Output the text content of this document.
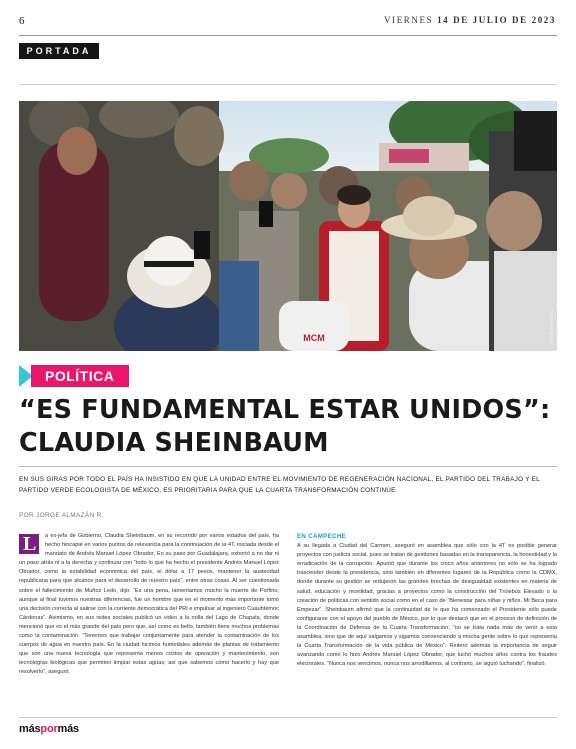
6	VIERNES 14 DE JULIO DE 2023
PORTADA
MCM	FOTO: ESPECIAL
POLÍTICA
“ES FUNDAMENTAL ESTAR UNIDOS”:
CLAUDIA SHEINBAUM

EN SUS GIRAS POR TODO EL PAÍS HA INSISTIDO EN QUE LA UNIDAD ENTRE EL MOVIMIENTO DE REGENERACIÓN NACIONAL, EL PARTIDO DEL TRABAJO Y EL PARTIDO VERDE ECOLOGISTA DE MÉXICO, ES PRIORITARIA PARA QUE LA CUARTA TRANSFORMACIÓN CONTINÚE

POR JORGE ALMAZÁN R.
L a ex-jefa de Gobierno, Claudia Sheinbaum, en su recorrido por varios estados del país, ha hecho hincapié en varios puntos de relevancia para la continuación de la 4T, iniciada desde el mandato de Andrés Manuel López Obrador. En su paso por Guadalajara, exhortó a no dar ni un paso atrás ni a la derecha y continuar con “todo lo que ha hecho el presidente Andrés Manuel López Obrador, como la estabilidad económica del país, el dólar a 17 pesos, mantener la austeridad republicana para que alcance para el desarrollo de nuestro país”, entre otras cosas. Al ser cuestionada sobre el fallecimiento de Muñoz Ledo, dijo: “Es una pena, lamentamos mucho la muerte de Porfirio, aunque al final tuvimos nuestras diferencias, fue un hombre que en el momento más importante tomó una decisión correcta al salirse con la corriente democrática del PRI e impulsar al ingeniero Cuauhtémoc Cárdenas”. Asimismo, en sus redes sociales publicó un video a la orilla del Lago de Chapala, donde mencionó que es el más grande del país pero que, así como es bello, también tiene muchos problemas como la contaminación. “Tenemos que trabajar conjuntamente para atender la contaminación de los cuerpos de agua en nuestro país. En la ciudad hicimos humedales además de plantas de tratamiento que son una nueva tecnología que representa menos costos de operación y mantenimiento, son tecnologías biológicas que permiten limpiar estas aguas; así que sabemos cómo hacerlo y hay que resolverlo”, aseguró.
EN CAMPECHE
A su llegada a Ciudad del Carmen, aseguró en asamblea que sólo con la 4T es posible generar proyectos con justicia social, pues se tratan de gestiones basadas en la transparencia, la honestidad y la erradicación de la corrupción. Apuntó que durante los cinco años anteriores no sólo se ha logrado trascender desde la presidencia, sino también en diferentes lugares de la República como la CDMX, donde durante su gestión se redujeron las grandes brechas de desigualdad existentes en materia de salud, educación y movilidad, gracias a proyectos como la construcción del Trolebús Elevado o la creación de políticas con sentido social como en el caso de “Bienestar para niñas y niños. Mi Beca para Empezar”. Sheinbaum afirmó que la continuidad de lo que ha comenzado el Presidente sólo puede configurarse con el apoyo del pueblo de México, por lo que destacó que en el proceso de definición de la Coordinación de Defensa de la Cuarta Transformación, “no se trata nada más de venir a esta asamblea, sino que de aquí salgamos y sigamos convenciendo a mucha gente sobre lo que representa la Cuarta Transformación de la vida pública de México”. Reiteró además la importancia de seguir avanzando como lo hizo Andrés Manuel López Obrador, que luchó muchos años contra los fraudes electorales. “Nunca nos vencimos, nunca nos arrodillamos, al contrario, se siguió luchando”, finalizó.
máspormás
